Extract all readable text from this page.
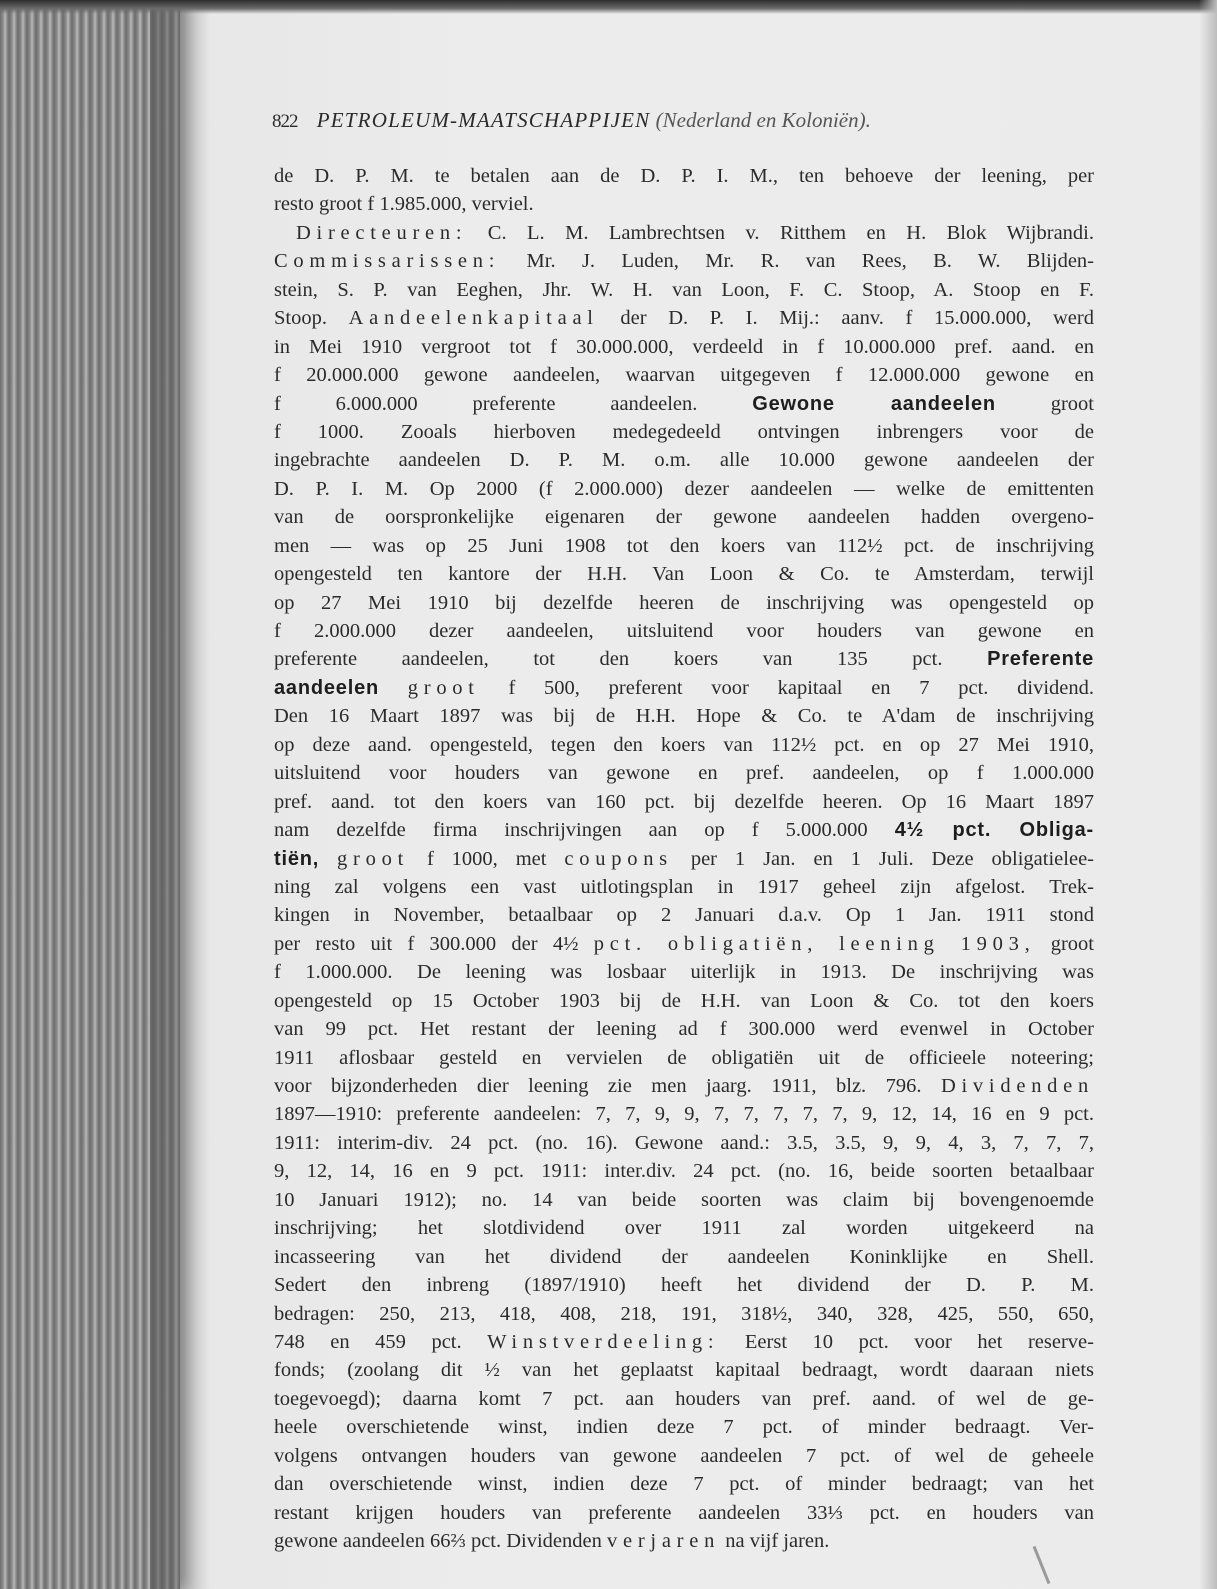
822 PETROLEUM-MAATSCHAPPIJEN (Nederland en Koloniën).
de D. P. M. te betalen aan de D. P. I. M., ten behoeve der leening, per
resto groot f 1.985.000, verviel.
Directeuren: C. L. M. Lambrechtsen v. Ritthem en H. Blok Wijbrandi.
Commissarissen: Mr. J. Luden, Mr. R. van Rees, B. W. Blijden-
stein, S. P. van Eeghen, Jhr. W. H. van Loon, F. C. Stoop, A. Stoop en F.
Stoop. Aandeelenkapitaal der D. P. I. Mij.: aanv. f 15.000.000, werd
in Mei 1910 vergroot tot f 30.000.000, verdeeld in f 10.000.000 pref. aand. en
f 20.000.000 gewone aandeelen, waarvan uitgegeven f 12.000.000 gewone en
f 6.000.000 preferente aandeelen. Gewone aandeelen groot
f 1000. Zooals hierboven medegedeeld ontvingen inbrengers voor de
ingebrachte aandeelen D. P. M. o.m. alle 10.000 gewone aandeelen der
D. P. I. M. Op 2000 (f 2.000.000) dezer aandeelen — welke de emittenten
van de oorspronkelijke eigenaren der gewone aandeelen hadden overgeno-
men — was op 25 Juni 1908 tot den koers van 112½ pct. de inschrijving
opengesteld ten kantore der H.H. Van Loon & Co. te Amsterdam, terwijl
op 27 Mei 1910 bij dezelfde heeren de inschrijving was opengesteld op
f 2.000.000 dezer aandeelen, uitsluitend voor houders van gewone en
preferente aandeelen, tot den koers van 135 pct. Preferente
aandeelen groot f 500, preferent voor kapitaal en 7 pct. dividend.
Den 16 Maart 1897 was bij de H.H. Hope & Co. te A'dam de inschrijving
op deze aand. opengesteld, tegen den koers van 112½ pct. en op 27 Mei 1910,
uitsluitend voor houders van gewone en pref. aandeelen, op f 1.000.000
pref. aand. tot den koers van 160 pct. bij dezelfde heeren. Op 16 Maart 1897
nam dezelfde firma inschrijvingen aan op f 5.000.000 4½ pct. Obliga-
tiën, groot f 1000, met coupons per 1 Jan. en 1 Juli. Deze obligatielee-
ning zal volgens een vast uitlotingsplan in 1917 geheel zijn afgelost. Trek-
kingen in November, betaalbaar op 2 Januari d.a.v. Op 1 Jan. 1911 stond
per resto uit f 300.000 der 4½ pct. obligatiën, leening 1903, groot
f 1.000.000. De leening was losbaar uiterlijk in 1913. De inschrijving was
opengesteld op 15 October 1903 bij de H.H. van Loon & Co. tot den koers
van 99 pct. Het restant der leening ad f 300.000 werd evenwel in October
1911 aflosbaar gesteld en vervielen de obligatiën uit de officieele noteering;
voor bijzonderheden dier leening zie men jaarg. 1911, blz. 796. Dividenden
1897—1910: preferente aandeelen: 7, 7, 9, 9, 7, 7, 7, 7, 7, 9, 12, 14, 16 en 9 pct.
1911: interim-div. 24 pct. (no. 16). Gewone aand.: 3.5, 3.5, 9, 9, 4, 3, 7, 7, 7,
9, 12, 14, 16 en 9 pct. 1911: inter.div. 24 pct. (no. 16, beide soorten betaalbaar
10 Januari 1912); no. 14 van beide soorten was claim bij bovengenoemde
inschrijving; het slotdividend over 1911 zal worden uitgekeerd na
incasseering van het dividend der aandeelen Koninklijke en Shell.
Sedert den inbreng (1897/1910) heeft het dividend der D. P. M.
bedragen: 250, 213, 418, 408, 218, 191, 318½, 340, 328, 425, 550, 650,
748 en 459 pct. Winstverdeeling: Eerst 10 pct. voor het reserve-
fonds; (zoolang dit ½ van het geplaatst kapitaal bedraagt, wordt daaraan niets
toegevoegd); daarna komt 7 pct. aan houders van pref. aand. of wel de ge-
heele overschietende winst, indien deze 7 pct. of minder bedraagt. Ver-
volgens ontvangen houders van gewone aandeelen 7 pct. of wel de geheele
dan overschietende winst, indien deze 7 pct. of minder bedraagt; van het
restant krijgen houders van preferente aandeelen 33⅓ pct. en houders van
gewone aandeelen 66⅔ pct. Dividenden verjaren na vijf jaren.
